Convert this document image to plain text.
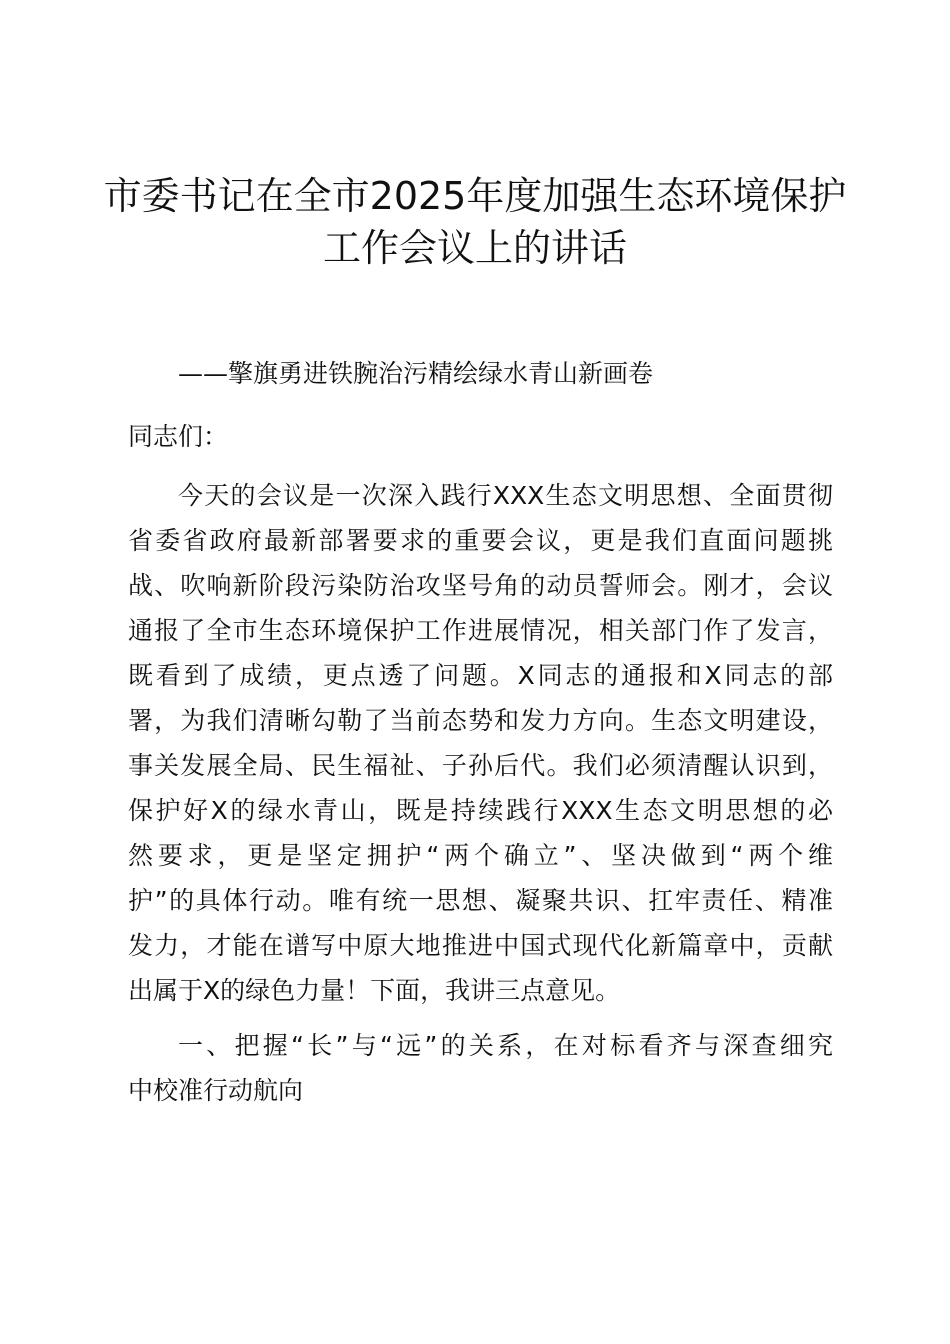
市委书记在全市2025年度加强生态环境保护
工作会议上的讲话

——擎旗勇进铁腕治污精绘绿水青山新画卷

同志们：

今天的会议是一次深入践行XXX生态文明思想、全面贯彻
省委省政府最新部署要求的重要会议，更是我们直面问题挑
战、吹响新阶段污染防治攻坚号角的动员誓师会。刚才，会议
通报了全市生态环境保护工作进展情况，相关部门作了发言，
既看到了成绩，更点透了问题。X同志的通报和X同志的部
署，为我们清晰勾勒了当前态势和发力方向。生态文明建设，
事关发展全局、民生福祉、子孙后代。我们必须清醒认识到，
保护好X的绿水青山，既是持续践行XXX生态文明思想的必
然要求，更是坚定拥护“两个确立”、坚决做到“两个维
护”的具体行动。唯有统一思想、凝聚共识、扛牢责任、精准
发力，才能在谱写中原大地推进中国式现代化新篇章中，贡献
出属于X的绿色力量！下面，我讲三点意见。
一、把握“长”与“远”的关系，在对标看齐与深查细究
中校准行动航向
